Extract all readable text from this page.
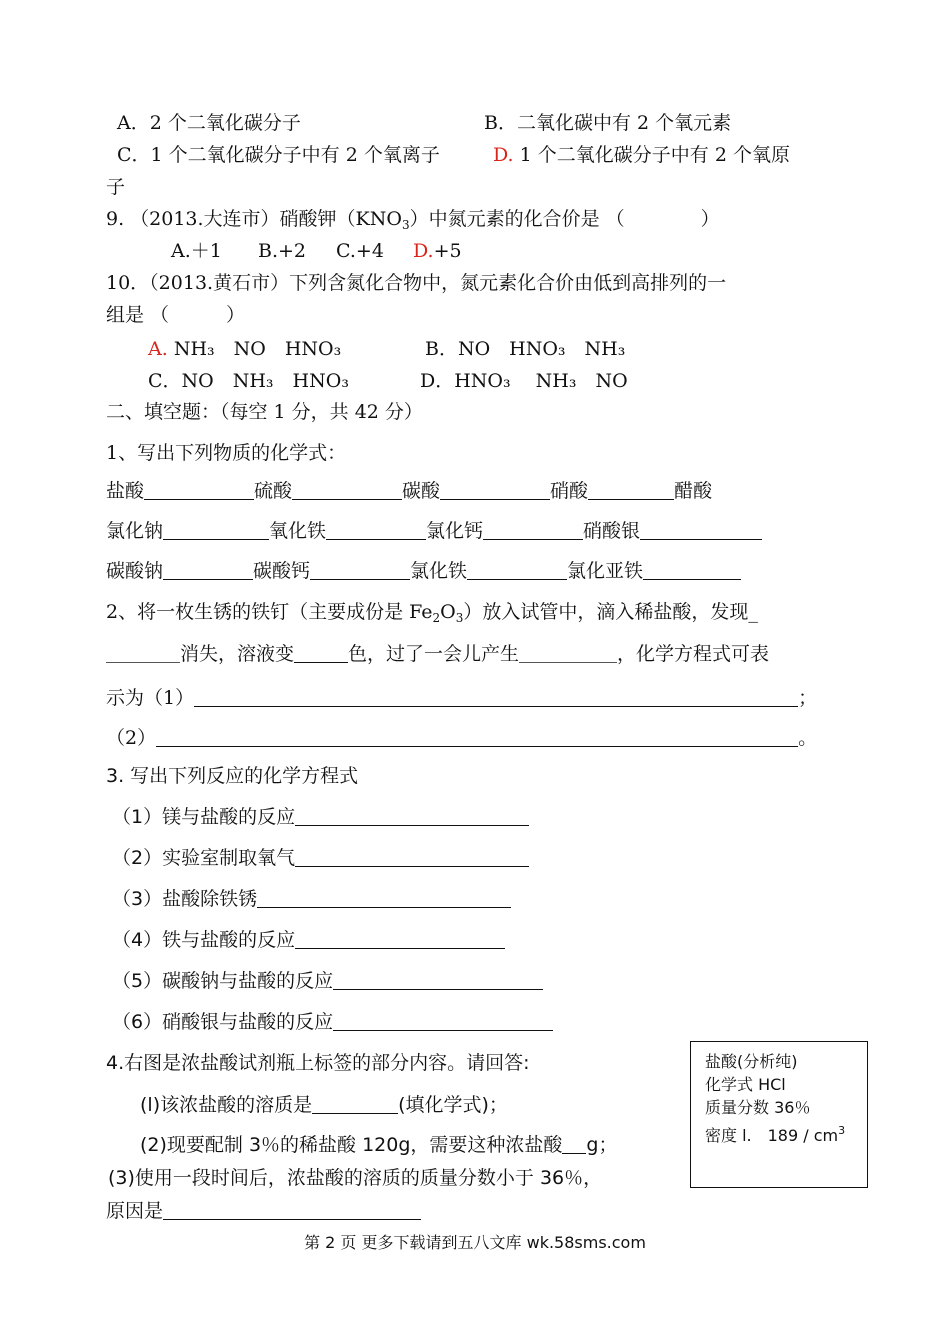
A．2 个二氧化碳分子	B．二氧化碳中有 2 个氧元素
C．1 个二氧化碳分子中有 2 个氧离子	D. 1 个二氧化碳分子中有 2 个氧原
子
9. （2013.大连市）硝酸钾$(KNO_3)$中氮元素的化合价是 （　　　　）
A.＋1 B.+2 C.+4 D.+5
10．（2013.黄石市）下列含氮化合物中，氮元素化合价由低到高排列的一
组是 （　　　）
A. NH₃　NO　HNO₃	B．NO　HNO₃　NH₃
C．NO　NH₃　HNO₃	D．HNO₃　 NH₃　NO
二、填空题：（每空 1 分，共 42 分）
1、写出下列物质的化学式：
盐酸	硫酸	碳酸	硝酸	醋酸
氯化钠	氧化铁	氯化钙	硝酸银
碳酸钠	碳酸钙	氯化铁	氯化亚铁
2、将一枚生锈的铁钉（主要成份是 $Fe_2O_3$）放入试管中，滴入稀盐酸，发现_
消失，溶液变	色，过了一会儿产生	，化学方程式可表
示为（1）	；
（2）	。
3. 写出下列反应的化学方程式
（1）镁与盐酸的反应
（2）实验室制取氧气
（3）盐酸除铁锈
（4）铁与盐酸的反应
（5）碳酸钠与盐酸的反应
（6）硝酸银与盐酸的反应
4.右图是浓盐酸试剂瓶上标签的部分内容。请回答:
(l)该浓盐酸的溶质是	(填化学式)；
(2)现要配制 3％的稀盐酸 120g，需要这种浓盐酸 g；
(3)使用一段时间后，浓盐酸的溶质的质量分数小于 36％，
原因是
盐酸(分析纯)
化学式 HCl
质量分数 36％
密度 l.　$189 / cm^3$
第 2 页 更多下载请到五八文库 wk.58sms.com
